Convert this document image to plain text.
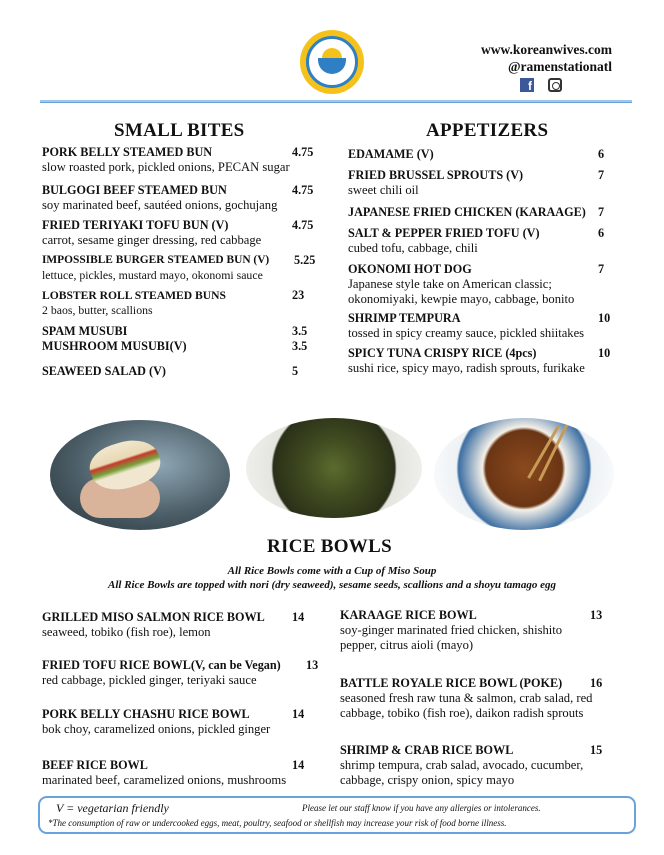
www.koreanwives.com
@ramenstationatl
f
SMALL BITES
PORK BELLY STEAMED BUN
slow roasted pork, pickled onions, PECAN sugar
4.75
BULGOGI BEEF STEAMED BUN
soy marinated beef, sautéed onions, gochujang
4.75
FRIED TERIYAKI TOFU BUN (V)
carrot, sesame ginger dressing, red cabbage
4.75
IMPOSSIBLE BURGER STEAMED BUN (V)
lettuce, pickles, mustard mayo, okonomi sauce
5.25
LOBSTER ROLL STEAMED BUNS
2 baos, butter, scallions
23
SPAM MUSUBI	3.5
MUSHROOM MUSUBI(V)	3.5
SEAWEED SALAD (V)	5
APPETIZERS
EDAMAME (V)	6
FRIED BRUSSEL SPROUTS (V)
sweet chili oil
7
JAPANESE FRIED CHICKEN (KARAAGE) 7
SALT & PEPPER FRIED TOFU (V)
cubed tofu, cabbage, chili
6
OKONOMI HOT DOG
Japanese style take on American classic;
okonomiyaki, kewpie mayo, cabbage, bonito
7
SHRIMP TEMPURA
tossed in spicy creamy sauce, pickled shiitakes
10
SPICY TUNA CRISPY RICE (4pcs)
sushi rice, spicy mayo, radish sprouts, furikake
10
RICE BOWLS
All Rice Bowls come with a Cup of Miso Soup
All Rice Bowls are topped with nori (dry seaweed), sesame seeds, scallions and a shoyu tamago egg
GRILLED MISO SALMON RICE BOWL
seaweed, tobiko (fish roe), lemon
14
FRIED TOFU RICE BOWL(V, can be Vegan)
red cabbage, pickled ginger, teriyaki sauce
13
PORK BELLY CHASHU RICE BOWL
bok choy, caramelized onions, pickled ginger
14
BEEF RICE BOWL
marinated beef, caramelized onions, mushrooms
14
KARAAGE RICE BOWL
soy-ginger marinated fried chicken, shishito
pepper, citrus aioli (mayo)
13
BATTLE ROYALE RICE BOWL (POKE)
seasoned fresh raw tuna & salmon, crab salad, red
cabbage, tobiko (fish roe), daikon radish sprouts
16
SHRIMP & CRAB RICE BOWL
shrimp tempura, crab salad, avocado, cucumber,
cabbage, crispy onion, spicy mayo
15
V = vegetarian friendly	Please let our staff know if you have any allergies or intolerances.
*The consumption of raw or undercooked eggs, meat, poultry, seafood or shellfish may increase your risk of food borne illness.
